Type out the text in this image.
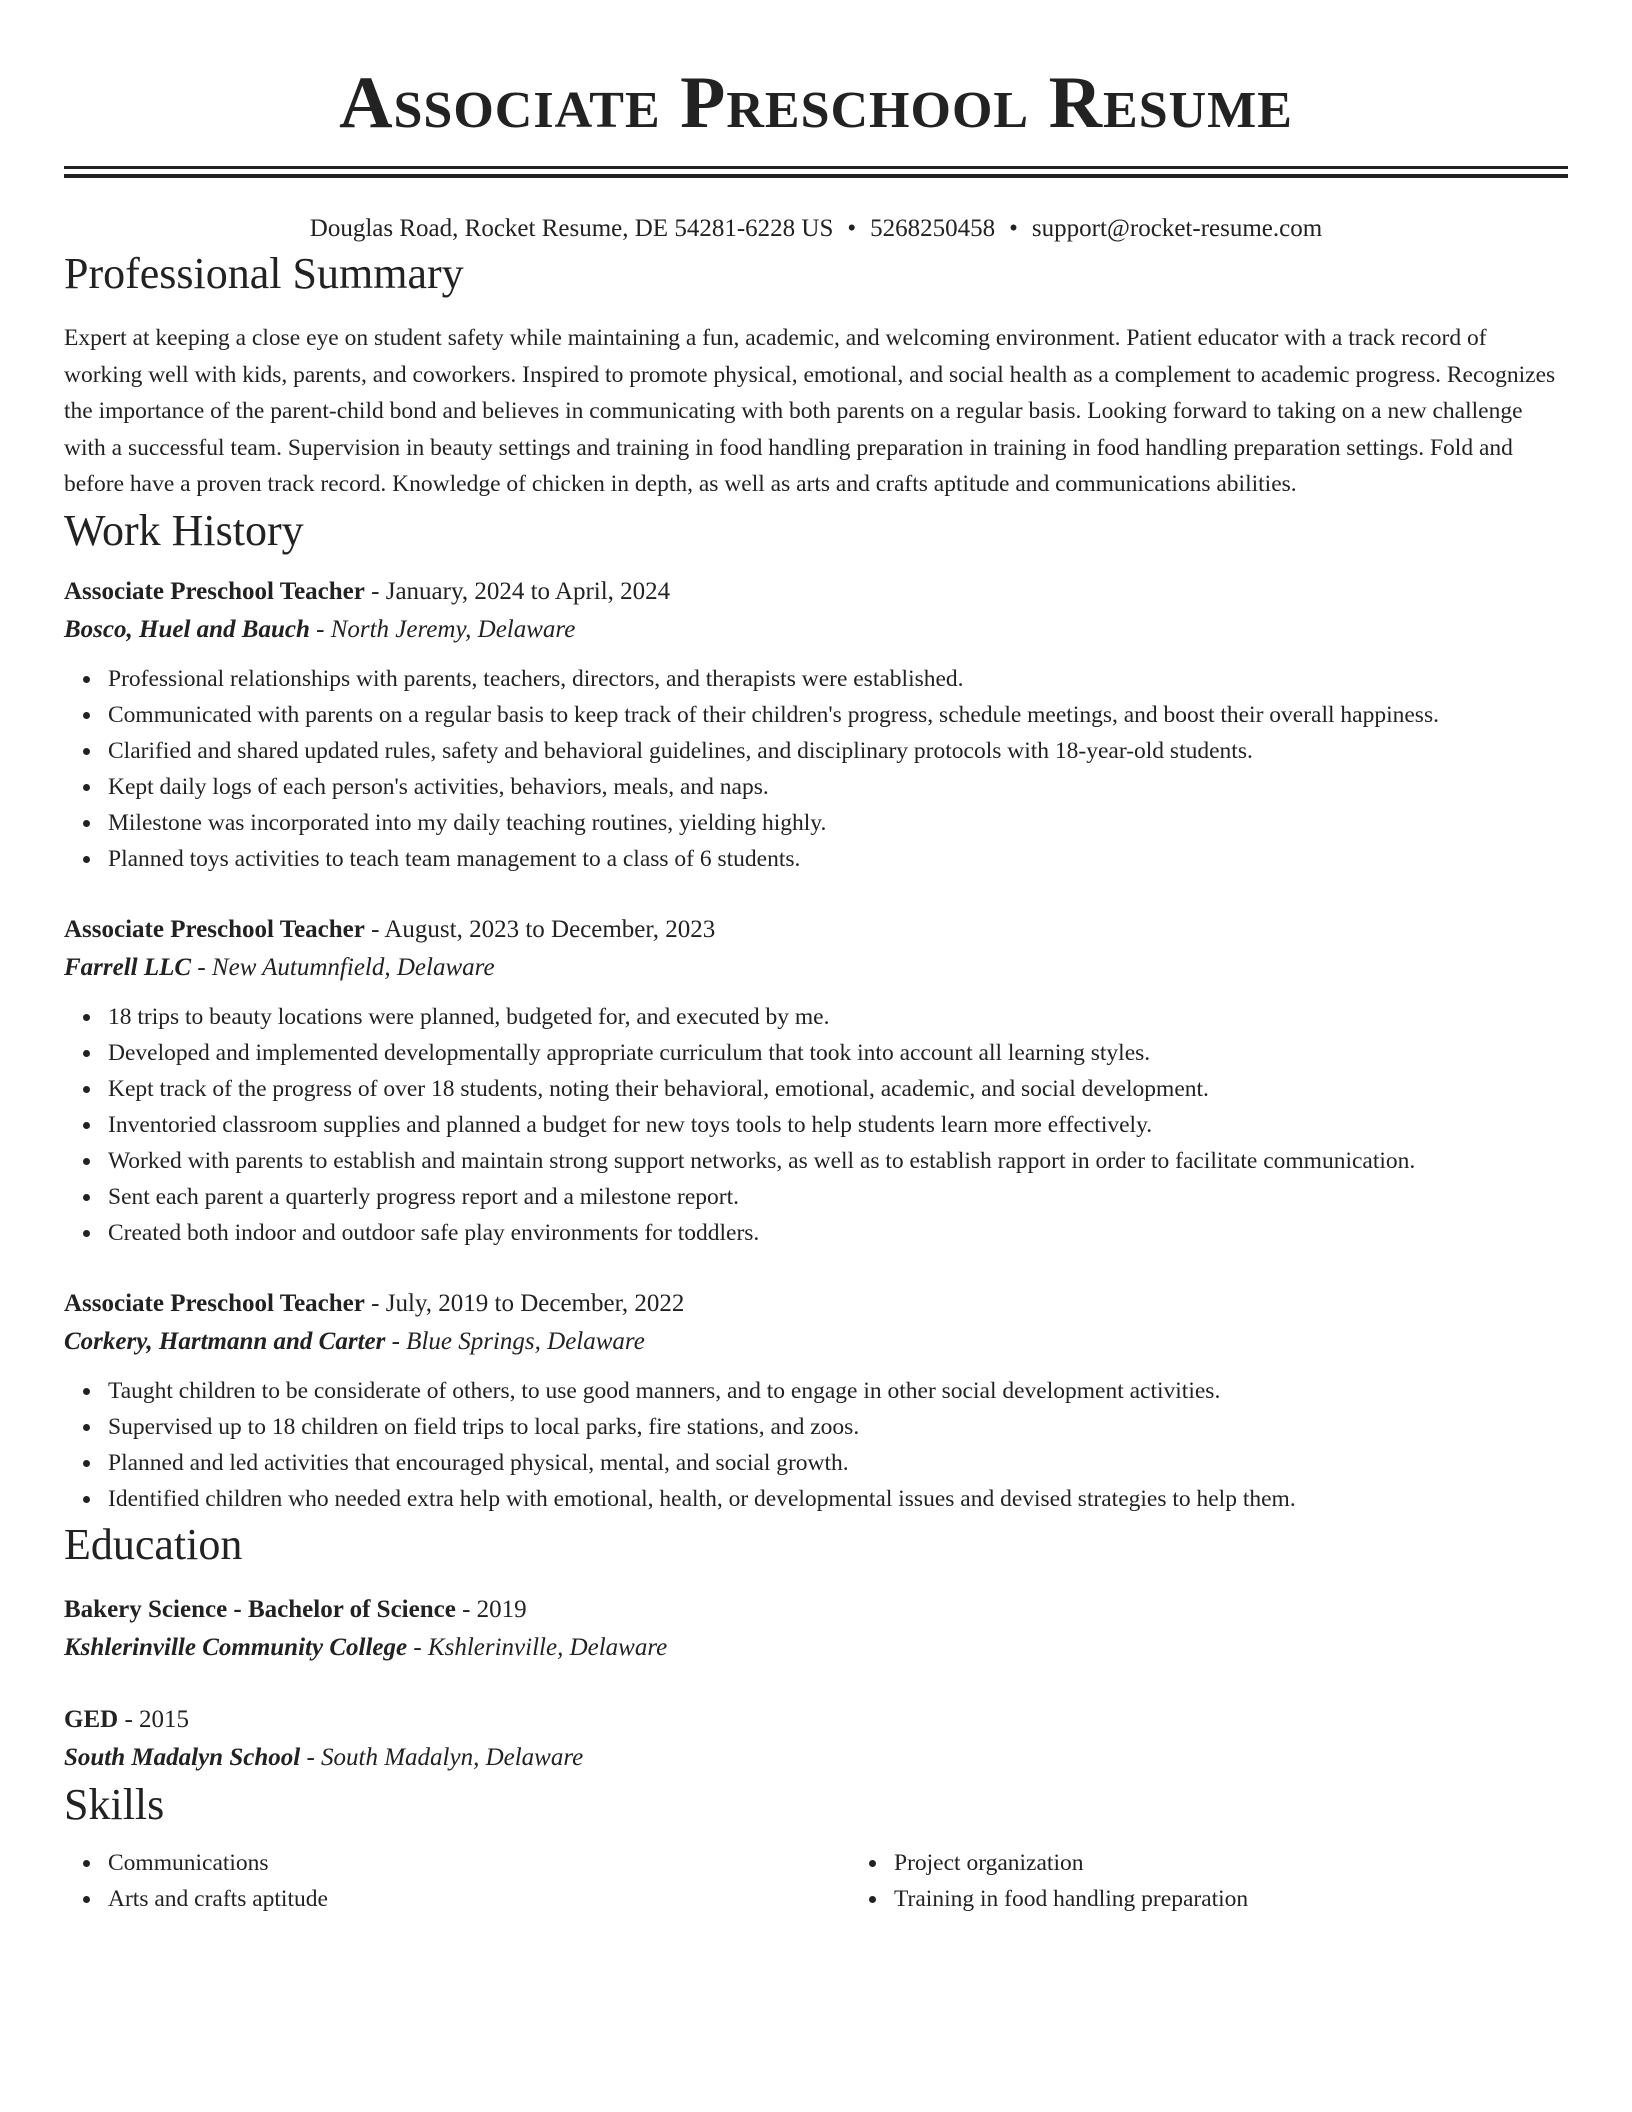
Associate Preschool Resume
Douglas Road, Rocket Resume, DE 54281-6228 US • 5268250458 • support@rocket-resume.com
Professional Summary

Expert at keeping a close eye on student safety while maintaining a fun, academic, and welcoming environment. Patient educator with a track record of working well with kids, parents, and coworkers. Inspired to promote physical, emotional, and social health as a complement to academic progress. Recognizes the importance of the parent-child bond and believes in communicating with both parents on a regular basis. Looking forward to taking on a new challenge with a successful team. Supervision in beauty settings and training in food handling preparation in training in food handling preparation settings. Fold and before have a proven track record. Knowledge of chicken in depth, as well as arts and crafts aptitude and communications abilities.

Work History
Associate Preschool Teacher - January, 2024 to April, 2024
Bosco, Huel and Bauch - North Jeremy, Delaware
Professional relationships with parents, teachers, directors, and therapists were established.
Communicated with parents on a regular basis to keep track of their children's progress, schedule meetings, and boost their overall happiness.
Clarified and shared updated rules, safety and behavioral guidelines, and disciplinary protocols with 18-year-old students.
Kept daily logs of each person's activities, behaviors, meals, and naps.
Milestone was incorporated into my daily teaching routines, yielding highly.
Planned toys activities to teach team management to a class of 6 students.
Associate Preschool Teacher - August, 2023 to December, 2023
Farrell LLC - New Autumnfield, Delaware
18 trips to beauty locations were planned, budgeted for, and executed by me.
Developed and implemented developmentally appropriate curriculum that took into account all learning styles.
Kept track of the progress of over 18 students, noting their behavioral, emotional, academic, and social development.
Inventoried classroom supplies and planned a budget for new toys tools to help students learn more effectively.
Worked with parents to establish and maintain strong support networks, as well as to establish rapport in order to facilitate communication.
Sent each parent a quarterly progress report and a milestone report.
Created both indoor and outdoor safe play environments for toddlers.
Associate Preschool Teacher - July, 2019 to December, 2022
Corkery, Hartmann and Carter - Blue Springs, Delaware
Taught children to be considerate of others, to use good manners, and to engage in other social development activities.
Supervised up to 18 children on field trips to local parks, fire stations, and zoos.
Planned and led activities that encouraged physical, mental, and social growth.
Identified children who needed extra help with emotional, health, or developmental issues and devised strategies to help them.
Education
Bakery Science - Bachelor of Science - 2019
Kshlerinville Community College - Kshlerinville, Delaware
GED - 2015
South Madalyn School - South Madalyn, Delaware
Skills
Communications
Arts and crafts aptitude
Project organization
Training in food handling preparation
